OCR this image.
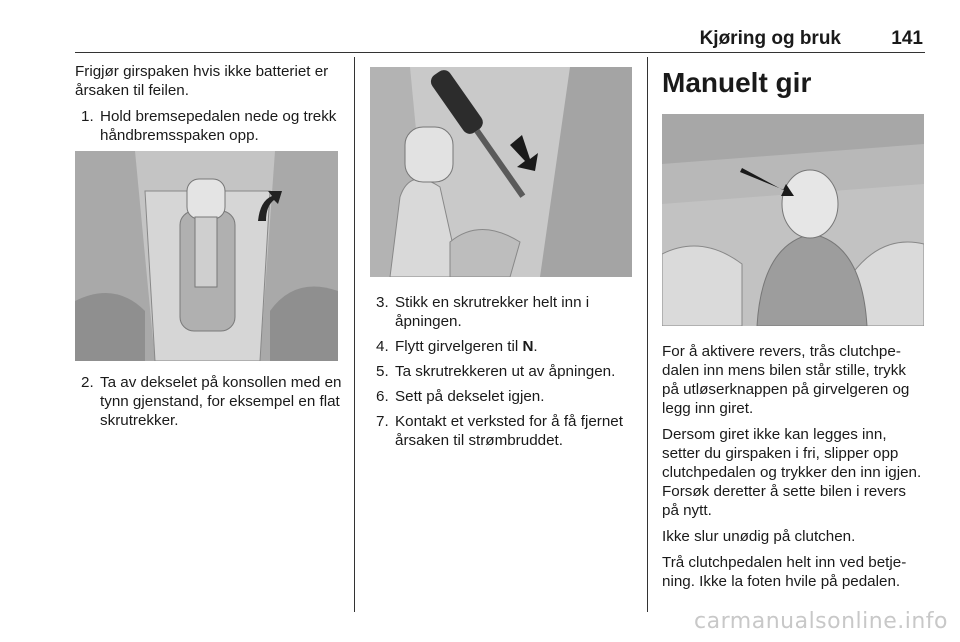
Kjøring og bruk	141

Frigjør girspaken hvis ikke batteriet er årsaken til feilen.

1. Hold bremsepedalen nede og trekk håndbremsspaken opp.
2. Ta av dekselet på konsollen med en tynn gjenstand, for eksempel en flat skrutrekker.
3. Stikk en skrutrekker helt inn i åpningen.
4. Flytt girvelgeren til N.
5. Ta skrutrekkeren ut av åpningen.
6. Sett på dekselet igjen.
7. Kontakt et verksted for å få fjernet årsaken til strømbruddet.
Manuelt gir

For å aktivere revers, trås clutchpedalen inn mens bilen står stille, trykk på utløserknappen på girvelgeren og legg inn giret.

Dersom giret ikke kan legges inn, setter du girspaken i fri, slipper opp clutchpedalen og trykker den inn igjen. Forsøk deretter å sette bilen i revers på nytt.

Ikke slur unødig på clutchen.

Trå clutchpedalen helt inn ved betjening. Ikke la foten hvile på pedalen.

carmanualsonline.info
